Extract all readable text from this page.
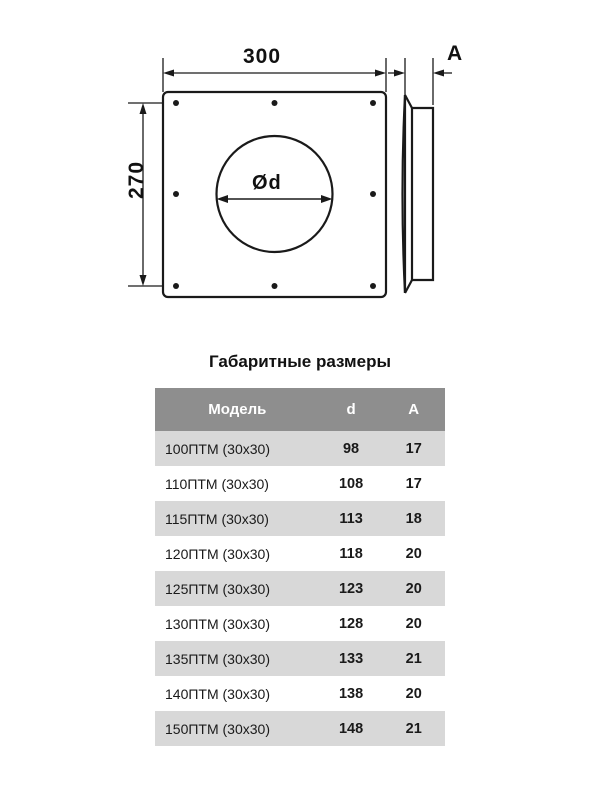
300
270
A
Ød
Габаритные размеры
Модель	d	A
100ПТМ (30х30)	98	17
110ПТМ (30х30)	108	17
115ПТМ (30х30)	113	18
120ПТМ (30х30)	118	20
125ПТМ (30х30)	123	20
130ПТМ (30х30)	128	20
135ПТМ (30х30)	133	21
140ПТМ (30х30)	138	20
150ПТМ (30х30)	148	21
